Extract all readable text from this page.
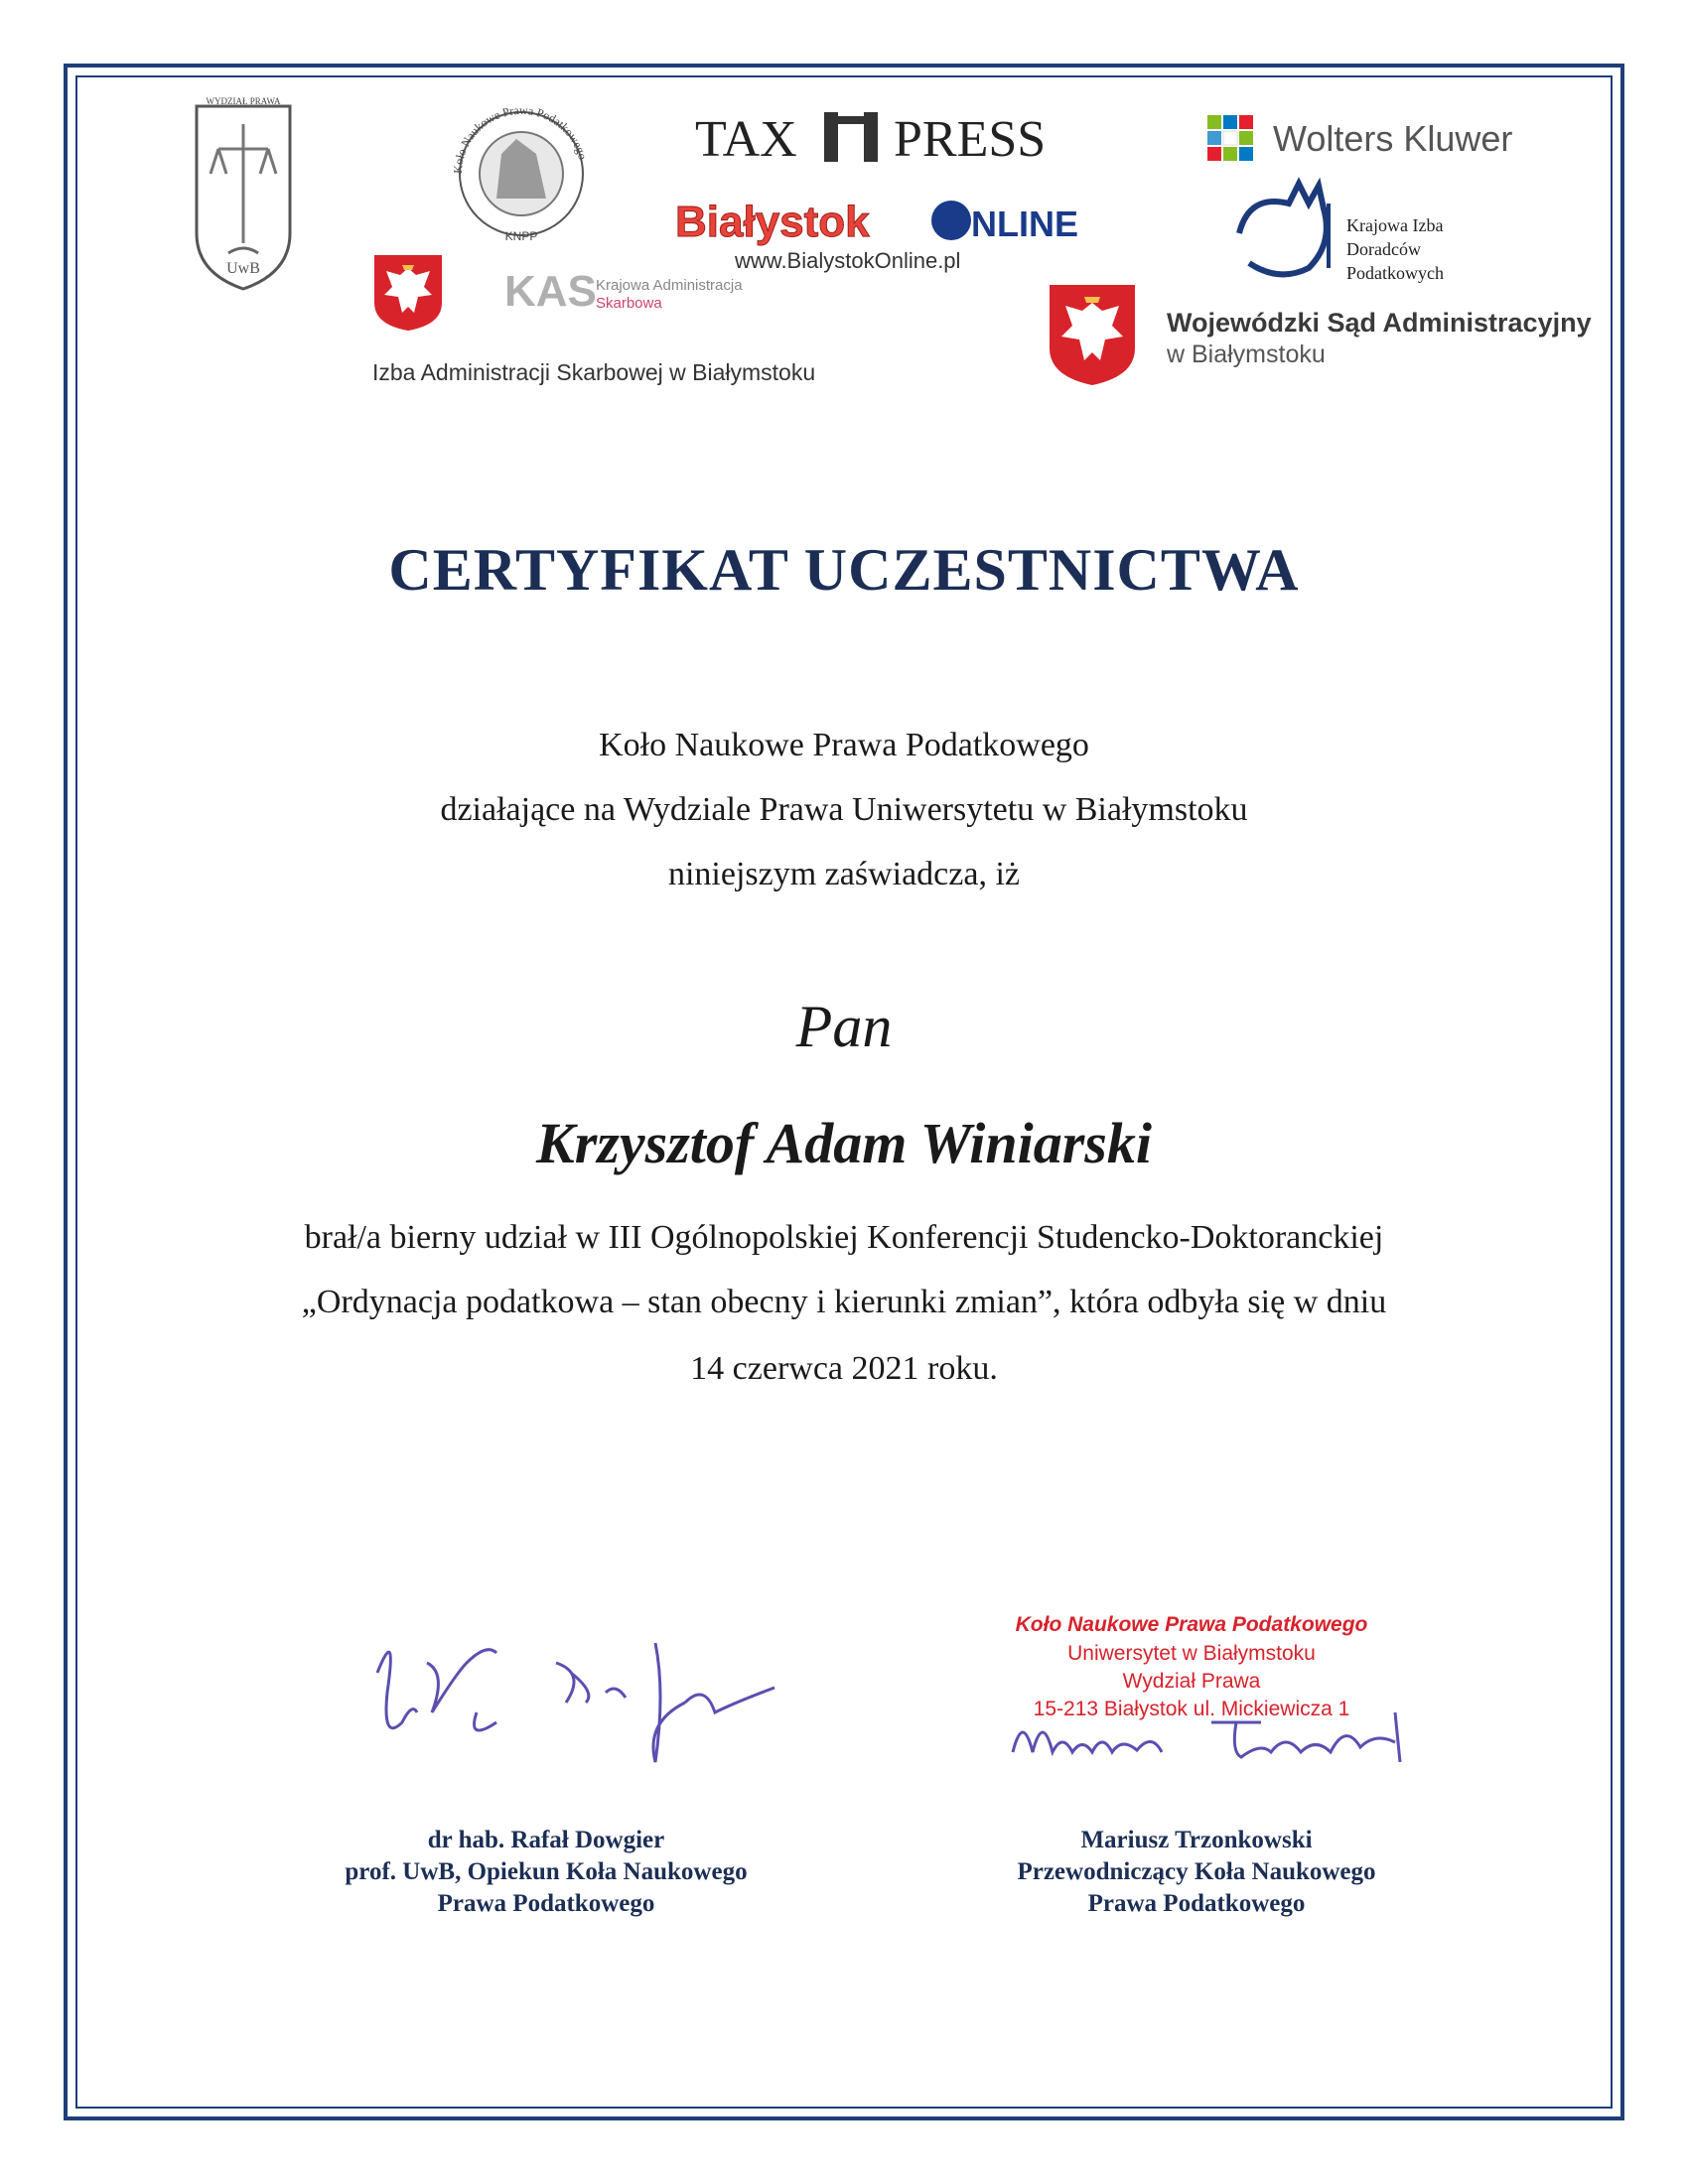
WYDZIAŁ PRAWA
UwB
Koło Naukowe Prawa Podatkowego
KNPP
KAS Krajowa Administracja
Skarbowa
Izba Administracji Skarbowej w Białymstoku
TAX PRESS
Białystok	NLINE
www.BialystokOnline.pl
Wolters Kluwer
Krajowa Izba
Doradców
Podatkowych
Wojewódzki Sąd Administracyjny
w Białymstoku
CERTYFIKAT UCZESTNICTWA
Koło Naukowe Prawa Podatkowego
działające na Wydziale Prawa Uniwersytetu w Białymstoku
niniejszym zaświadcza, iż
Pan
Krzysztof Adam Winiarski
brał/a bierny udział w III Ogólnopolskiej Konferencji Studencko-Doktoranckiej
„Ordynacja podatkowa – stan obecny i kierunki zmian”, która odbyła się w dniu
14 czerwca 2021 roku.
Koło Naukowe Prawa Podatkowego
Uniwersytet w Białymstoku
Wydział Prawa
15-213 Białystok ul. Mickiewicza 1
dr hab. Rafał Dowgier
prof. UwB, Opiekun Koła Naukowego
Prawa Podatkowego
Mariusz Trzonkowski
Przewodniczący Koła Naukowego
Prawa Podatkowego
